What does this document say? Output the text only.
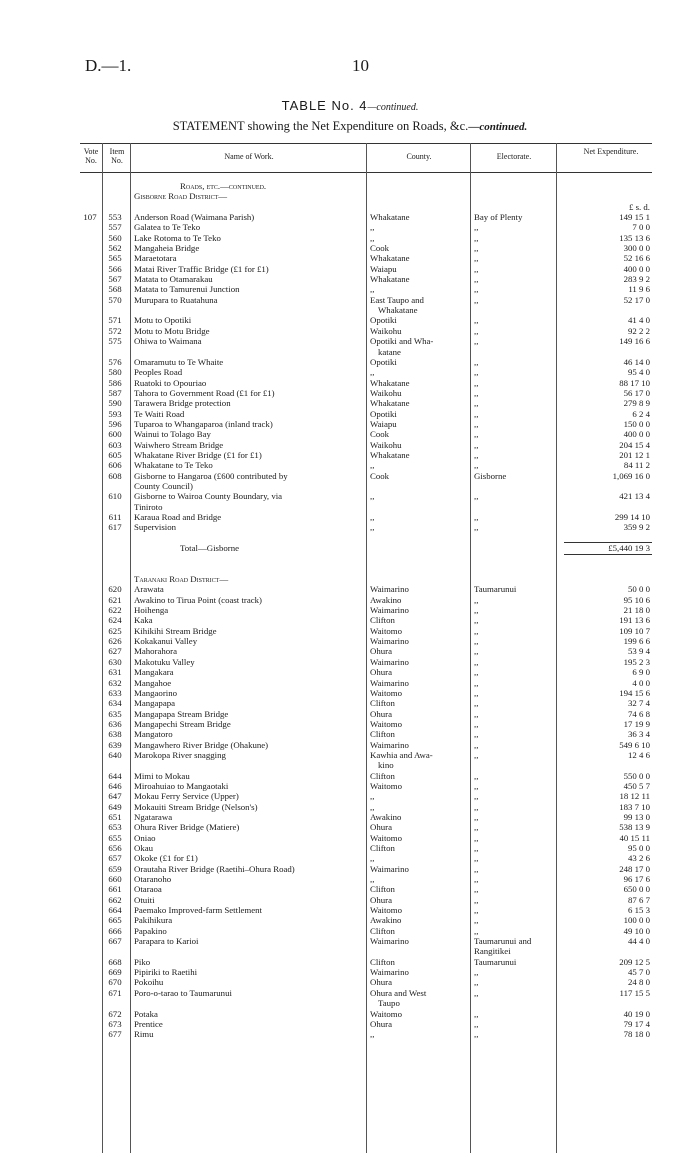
D.—1.	10
TABLE No. 4—continued.
STATEMENT showing the Net Expenditure on Roads, &c.—continued.
Vote No.
Item No.	Name of Work.	County.	Electorate.
Net Expenditure.
Roads, etc.—continued.
Gisborne Road District—
£ s. d.
107	553	Anderson Road (Waimana Parish)	Whakatane	Bay of Plenty	149 15 1
557	Galatea to Te Teko	,,	,,	7 0 0
560	Lake Rotoma to Te Teko	,,	,,	135 13 6
562	Mangaheia Bridge	Cook	,,	300 0 0
565	Maraetotara	Whakatane	,,	52 16 6
566	Matai River Traffic Bridge (£1 for £1)	Waiapu	,,	400 0 0
567	Matata to Otamarakau	Whakatane	,,	283 9 2
568	Matata to Tamurenui Junction	,,	,,	11 9 6
570	Murupara to Ruatahuna	East Taupo and	,,	52 17 0
Whakatane
571	Motu to Opotiki	Opotiki	,,	41 4 0
572	Motu to Motu Bridge	Waikohu	,,	92 2 2
575	Ohiwa to Waimana	Opotiki and Wha-	,,	149 16 6
katane
576	Omaramutu to Te Whaite	Opotiki	,,	46 14 0
580	Peoples Road	,,	,,	95 4 0
586	Ruatoki to Opouriao	Whakatane	,,	88 17 10
587	Tahora to Government Road (£1 for £1)	Waikohu	,,	56 17 0
590	Tarawera Bridge protection	Whakatane	,,	279 8 9
593	Te Waiti Road	Opotiki	,,	6 2 4
596	Tuparoa to Whangaparoa (inland track)	Waiapu	,,	150 0 0
600	Wainui to Tolago Bay	Cook	,,	400 0 0
603	Waiwhero Stream Bridge	Waikohu	,,	204 15 4
605	Whakatane River Bridge (£1 for £1)	Whakatane	,,	201 12 1
606	Whakatane to Te Teko	,,	,,	84 11 2
608	Gisborne to Hangaroa (£600 contributed by	Cook	Gisborne	1,069 16 0
County Council)
610	Gisborne to Wairoa County Boundary, via	,,	,,	421 13 4
Tiniroto
611	Karaua Road and Bridge	,,	,,	299 14 10
617	Supervision	,,	,,	359 9 2
Total—Gisborne	£5,440 19 3
Taranaki Road District—
620	Arawata	Waimarino	Taumarunui	50 0 0
621	Awakino to Tirua Point (coast track)	Awakino	,,	95 10 6
622	Hoihenga	Waimarino	,,	21 18 0
624	Kaka	Clifton	,,	191 13 6
625	Kihikihi Stream Bridge	Waitomo	,,	109 10 7
626	Kokakanui Valley	Waimarino	,,	199 6 6
627	Mahorahora	Ohura	,,	53 9 4
630	Makotuku Valley	Waimarino	,,	195 2 3
631	Mangakara	Ohura	,,	6 9 0
632	Mangahoe	Waimarino	,,	4 0 0
633	Mangaorino	Waitomo	,,	194 15 6
634	Mangapapa	Clifton	,,	32 7 4
635	Mangapapa Stream Bridge	Ohura	,,	74 6 8
636	Mangapechi Stream Bridge	Waitomo	,,	17 19 9
638	Mangatoro	Clifton	,,	36 3 4
639	Mangawhero River Bridge (Ohakune)	Waimarino	,,	549 6 10
640	Marokopa River snagging	Kawhia and Awa-	,,	12 4 6
kino
644	Mimi to Mokau	Clifton	,,	550 0 0
646	Miroahuiao to Mangaotaki	Waitomo	,,	450 5 7
647	Mokau Ferry Service (Upper)	,,	,,	18 12 11
649	Mokauiti Stream Bridge (Nelson's)	,,	,,	183 7 10
651	Ngatarawa	Awakino	,,	99 13 0
653	Ohura River Bridge (Matiere)	Ohura	,,	538 13 9
655	Oniao	Waitomo	,,	40 15 11
656	Okau	Clifton	,,	95 0 0
657	Okoke (£1 for £1)	,,	,,	43 2 6
659	Orautaha River Bridge (Raetihi–Ohura Road)	Waimarino	,,	248 17 0
660	Otaranoho	,,	,,	96 17 6
661	Otaraoa	Clifton	,,	650 0 0
662	Otuiti	Ohura	,,	87 6 7
664	Paemako Improved-farm Settlement	Waitomo	,,	6 15 3
665	Pakihikura	Awakino	,,	100 0 0
666	Papakino	Clifton	,,	49 10 0
667	Parapara to Karioi	Waimarino	Taumarunui and	44 4 0
Rangitikei
668	Piko	Clifton	Taumarunui	209 12 5
669	Pipiriki to Raetihi	Waimarino	,,	45 7 0
670	Pokoihu	Ohura	,,	24 8 0
671	Poro-o-tarao to Taumarunui	Ohura and West	,,	117 15 5
Taupo
672	Potaka	Waitomo	,,	40 19 0
673	Prentice	Ohura	,,	79 17 4
677	Rimu	,,	,,	78 18 0
